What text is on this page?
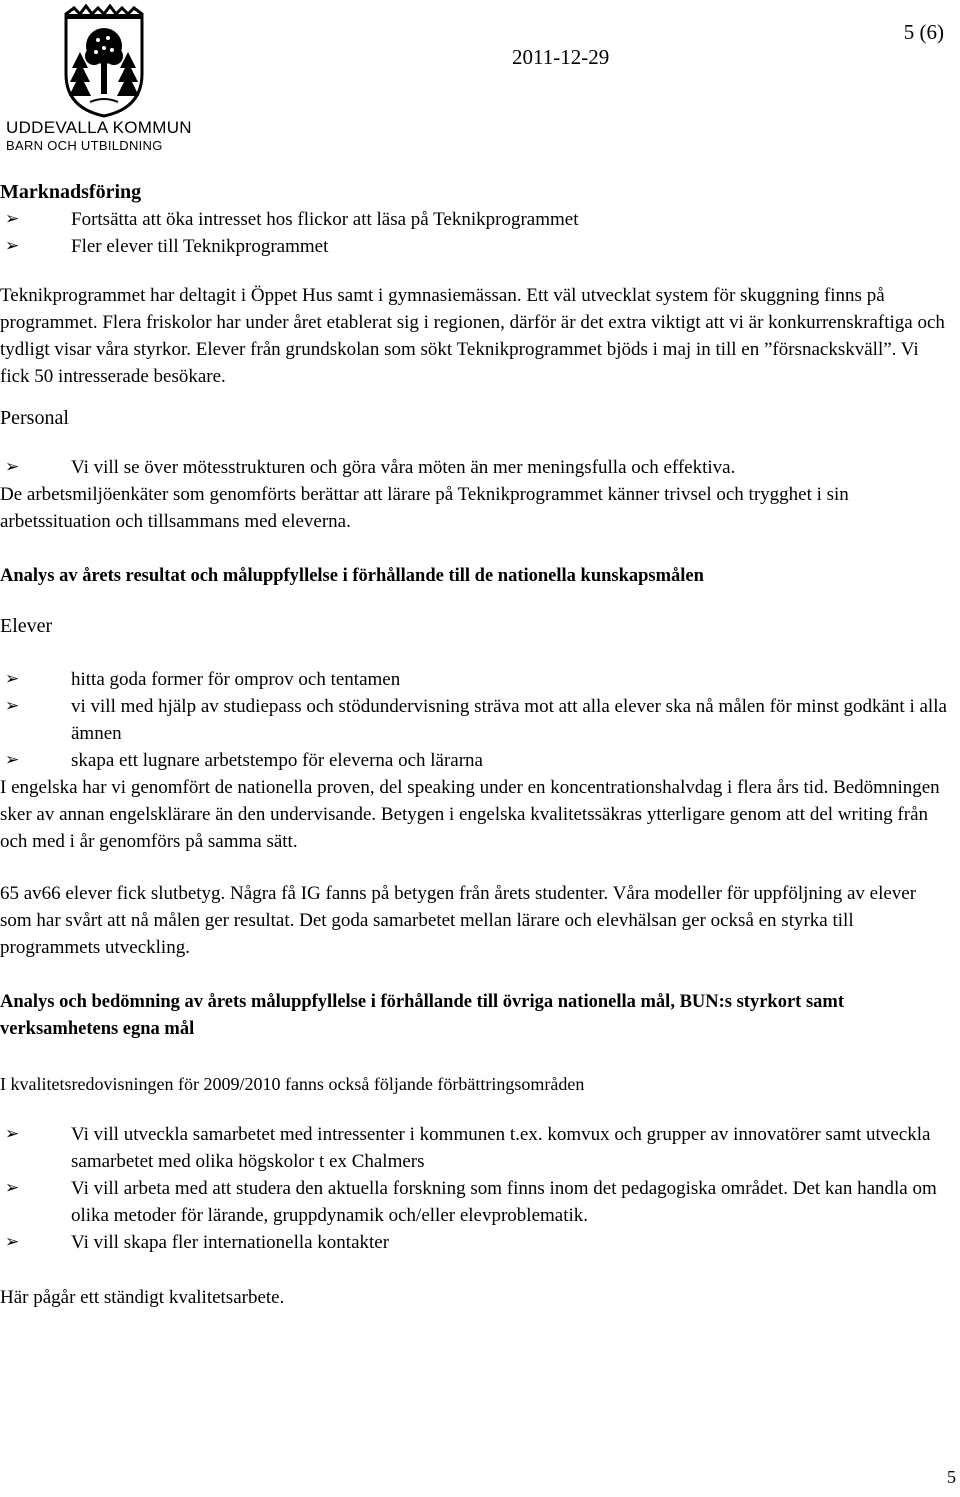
UDDEVALLA KOMMUN
BARN OCH UTBILDNING
2011-12-29
5 (6)

Marknadsföring

➢	Fortsätta att öka intresset hos flickor att läsa på Teknikprogrammet
➢	Fler elever till Teknikprogrammet

Teknikprogrammet har deltagit i Öppet Hus samt i gymnasiemässan. Ett väl utvecklat system för skuggning finns på programmet. Flera friskolor har under året etablerat sig i regionen, därför är det extra viktigt att vi är konkurrenskraftiga och tydligt visar våra styrkor. Elever från grundskolan som sökt Teknikprogrammet bjöds i maj in till en ”försnackskväll”. Vi fick 50 intresserade besökare.

Personal

➢	Vi vill se över mötesstrukturen och göra våra möten än mer meningsfulla och effektiva.

De arbetsmiljöenkäter som genomförts berättar att lärare på Teknikprogrammet känner trivsel och trygghet i sin arbetssituation och tillsammans med eleverna.

Analys av årets resultat och måluppfyllelse i förhållande till de nationella kunskapsmålen

Elever

➢	hitta goda former för omprov och tentamen
➢	vi vill med hjälp av studiepass och stödundervisning sträva mot att alla elever ska nå målen för minst godkänt i alla ämnen
➢	skapa ett lugnare arbetstempo för eleverna och lärarna

I engelska har vi genomfört de nationella proven, del speaking under en koncentrationshalvdag i flera års tid. Bedömningen sker av annan engelsklärare än den undervisande. Betygen i engelska kvalitetssäkras ytterligare genom att del writing från och med i år genomförs på samma sätt.

65 av66 elever fick slutbetyg. Några få IG fanns på betygen från årets studenter. Våra modeller för uppföljning av elever som har svårt att nå målen ger resultat. Det goda samarbetet mellan lärare och elevhälsan ger också en styrka till programmets utveckling.

Analys och bedömning av årets måluppfyllelse i förhållande till övriga nationella mål, BUN:s styrkort samt verksamhetens egna mål

I kvalitetsredovisningen för 2009/2010 fanns också följande förbättringsområden

➢	Vi vill utveckla samarbetet med intressenter i kommunen t.ex. komvux och grupper av innovatörer samt utveckla samarbetet med olika högskolor t ex Chalmers
➢	Vi vill arbeta med att studera den aktuella forskning som finns inom det pedagogiska området. Det kan handla om olika metoder för lärande, gruppdynamik och/eller elevproblematik.
➢	Vi vill skapa fler internationella kontakter

Här pågår ett ständigt kvalitetsarbete.

5
